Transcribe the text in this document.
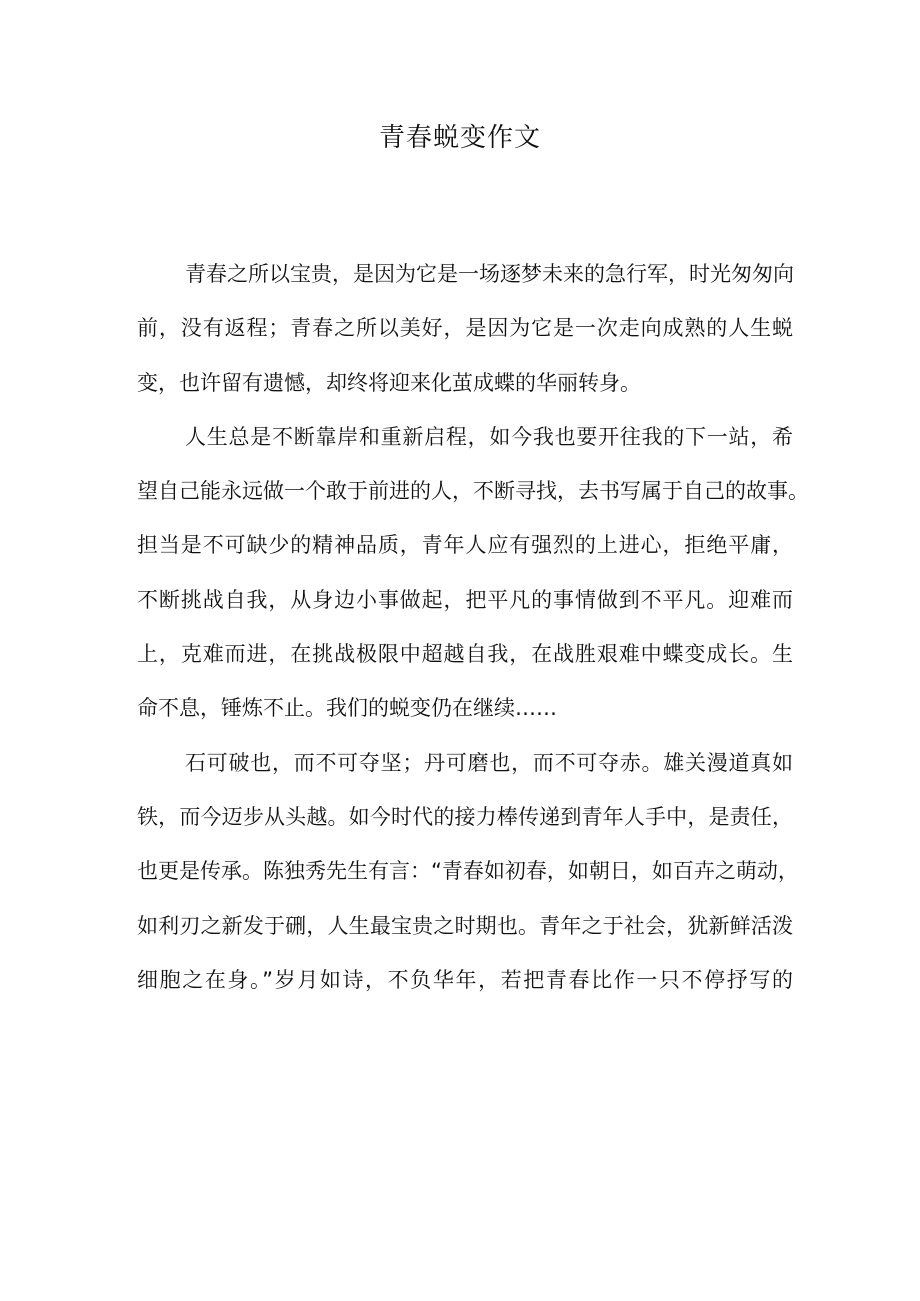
青春蜕变作文
青春之所以宝贵，是因为它是一场逐梦未来的急行军，时光匆匆向
前，没有返程；青春之所以美好，是因为它是一次走向成熟的人生蜕
变，也许留有遗憾，却终将迎来化茧成蝶的华丽转身。
人生总是不断靠岸和重新启程，如今我也要开往我的下一站，希
望自己能永远做一个敢于前进的人，不断寻找，去书写属于自己的故事。
担当是不可缺少的精神品质，青年人应有强烈的上进心，拒绝平庸，
不断挑战自我，从身边小事做起，把平凡的事情做到不平凡。迎难而
上，克难而进，在挑战极限中超越自我，在战胜艰难中蝶变成长。生
命不息，锤炼不止。我们的蜕变仍在继续……
石可破也，而不可夺坚；丹可磨也，而不可夺赤。雄关漫道真如
铁，而今迈步从头越。如今时代的接力棒传递到青年人手中，是责任，
也更是传承。陈独秀先生有言：“青春如初春，如朝日，如百卉之萌动，
如利刃之新发于硎，人生最宝贵之时期也。青年之于社会，犹新鲜活泼
细胞之在身。”岁月如诗，不负华年，若把青春比作一只不停抒写的
